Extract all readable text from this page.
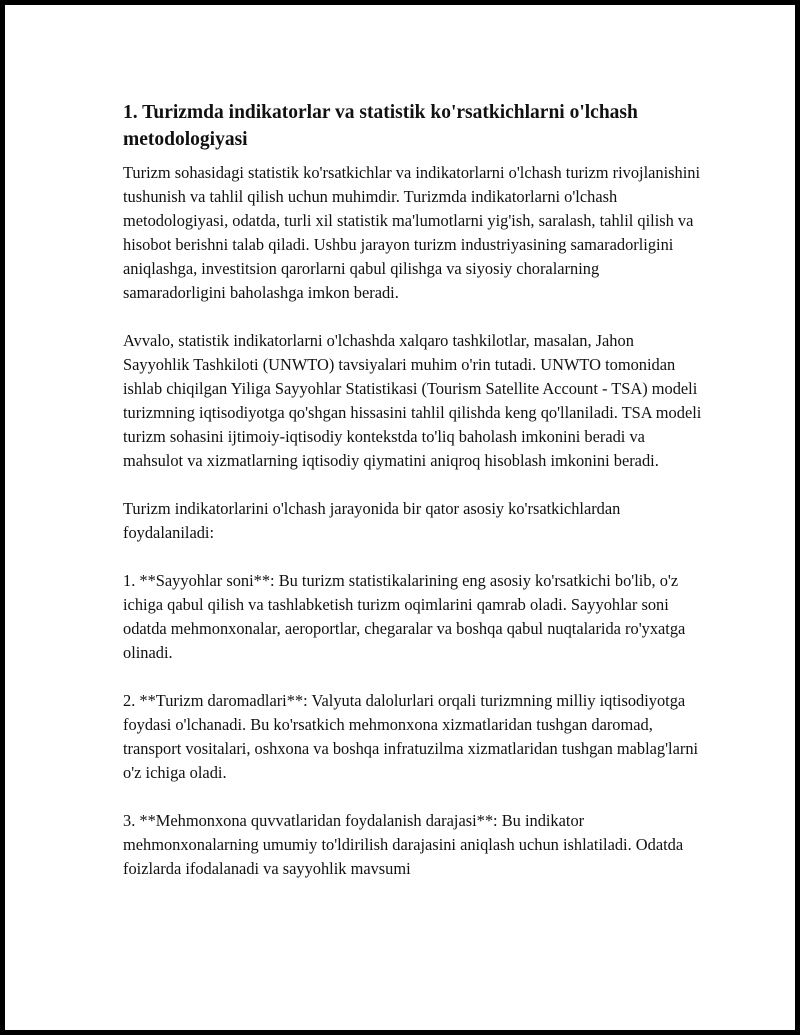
1. Turizmda indikatorlar va statistik ko'rsatkichlarni o'lchash metodologiyasi

Turizm sohasidagi statistik ko'rsatkichlar va indikatorlarni o'lchash turizm rivojlanishini tushunish va tahlil qilish uchun muhimdir. Turizmda indikatorlarni o'lchash metodologiyasi, odatda, turli xil statistik ma'lumotlarni yig'ish, saralash, tahlil qilish va hisobot berishni talab qiladi. Ushbu jarayon turizm industriyasining samaradorligini aniqlashga, investitsion qarorlarni qabul qilishga va siyosiy choralarning samaradorligini baholashga imkon beradi.

Avvalo, statistik indikatorlarni o'lchashda xalqaro tashkilotlar, masalan, Jahon Sayyohlik Tashkiloti (UNWTO) tavsiyalari muhim o'rin tutadi. UNWTO tomonidan ishlab chiqilgan Yiliga Sayyohlar Statistikasi (Tourism Satellite Account - TSA) modeli turizmning iqtisodiyotga qo'shgan hissasini tahlil qilishda keng qo'llaniladi. TSA modeli turizm sohasini ijtimoiy-iqtisodiy kontekstda to'liq baholash imkonini beradi va mahsulot va xizmatlarning iqtisodiy qiymatini aniqroq hisoblash imkonini beradi.

Turizm indikatorlarini o'lchash jarayonida bir qator asosiy ko'rsatkichlardan foydalaniladi:

1. **Sayyohlar soni**: Bu turizm statistikalarining eng asosiy ko'rsatkichi bo'lib, o'z ichiga qabul qilish va tashlabketish turizm oqimlarini qamrab oladi. Sayyohlar soni odatda mehmonxonalar, aeroportlar, chegaralar va boshqa qabul nuqtalarida ro'yxatga olinadi.

2. **Turizm daromadlari**: Valyuta dalolurlari orqali turizmning milliy iqtisodiyotga foydasi o'lchanadi. Bu ko'rsatkich mehmonxona xizmatlaridan tushgan daromad, transport vositalari, oshxona va boshqa infratuzilma xizmatlaridan tushgan mablag'larni o'z ichiga oladi.

3. **Mehmonxona quvvatlaridan foydalanish darajasi**: Bu indikator mehmonxonalarning umumiy to'ldirilish darajasini aniqlash uchun ishlatiladi. Odatda foizlarda ifodalanadi va sayyohlik mavsumi
